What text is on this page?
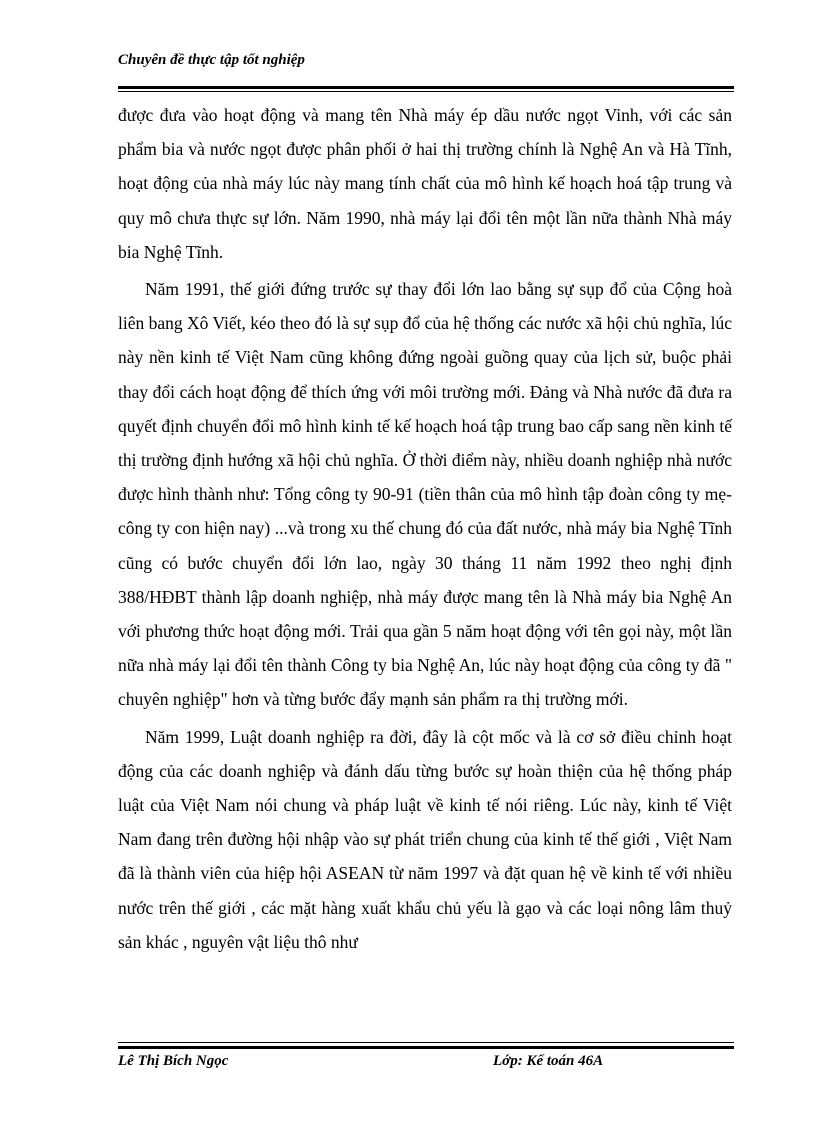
Chuyên đề thực tập tốt nghiệp

được đưa vào hoạt động và mang tên Nhà máy ép dầu nước ngọt Vinh, với các sản phẩm bia và nước ngọt được phân phối ở hai thị trường chính là Nghệ An và Hà Tĩnh, hoạt động của nhà máy lúc này mang tính chất của mô hình kế hoạch hoá tập trung và quy mô chưa thực sự lớn. Năm 1990, nhà máy lại đổi tên một lần nữa thành Nhà máy bia Nghệ Tĩnh.

Năm 1991, thế giới đứng trước sự thay đổi lớn lao bằng sự sụp đổ của Cộng hoà liên bang Xô Viết, kéo theo đó là sự sụp đổ của hệ thống các nước xã hội chủ nghĩa, lúc này nền kinh tế Việt Nam cũng không đứng ngoài guồng quay của lịch sử, buộc phải thay đổi cách hoạt động để thích ứng với môi trường mới. Đảng và Nhà nước đã đưa ra quyết định chuyển đổi mô hình kinh tế kế hoạch hoá tập trung bao cấp sang nền kinh tế thị trường định hướng xã hội chủ nghĩa. Ở thời điểm này, nhiều doanh nghiệp nhà nước được hình thành như: Tổng công ty 90-91 (tiền thân của mô hình tập đoàn công ty mẹ-công ty con hiện nay) ...và trong xu thế chung đó của đất nước, nhà máy bia Nghệ Tĩnh cũng có bước chuyển đổi lớn lao, ngày 30 tháng 11 năm 1992 theo nghị định 388/HĐBT thành lập doanh nghiệp, nhà máy được mang tên là Nhà máy bia Nghệ An với phương thức hoạt động mới. Trải qua gần 5 năm hoạt động với tên gọi này, một lần nữa nhà máy lại đổi tên thành Công ty bia Nghệ An, lúc này hoạt động của công ty đã " chuyên nghiệp" hơn và từng bước đẩy mạnh sản phẩm ra thị trường mới.

Năm 1999, Luật doanh nghiệp ra đời, đây là cột mốc và là cơ sở điều chỉnh hoạt động của các doanh nghiệp và đánh dấu từng bước sự hoàn thiện của hệ thống pháp luật của Việt Nam nói chung và pháp luật về kinh tế nói riêng. Lúc này, kinh tế Việt Nam đang trên đường hội nhập vào sự phát triển chung của kinh tế thế giới , Việt Nam đã là thành viên của hiệp hội ASEAN từ năm 1997 và đặt quan hệ về kinh tế với nhiều nước trên thế giới , các mặt hàng xuất khẩu chủ yếu là gạo và các loại nông lâm thuỷ sản khác , nguyên vật liệu thô như

Lê Thị Bích Ngọc	Lớp: Kế toán 46A
